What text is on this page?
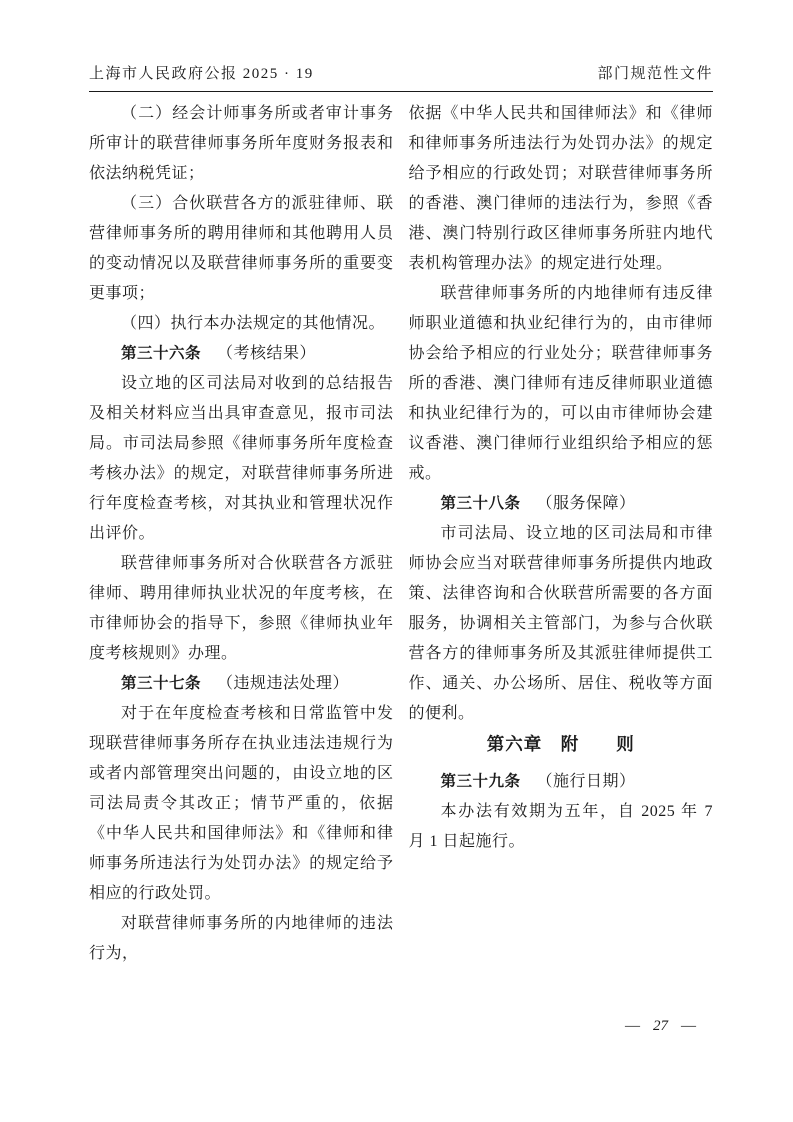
上海市人民政府公报 2025 · 19	部门规范性文件

（二）经会计师事务所或者审计事务所审计的联营律师事务所年度财务报表和依法纳税凭证；

（三）合伙联营各方的派驻律师、联营律师事务所的聘用律师和其他聘用人员的变动情况以及联营律师事务所的重要变更事项；

（四）执行本办法规定的其他情况。

第三十六条 （考核结果）

设立地的区司法局对收到的总结报告及相关材料应当出具审查意见，报市司法局。市司法局参照《律师事务所年度检查考核办法》的规定，对联营律师事务所进行年度检查考核，对其执业和管理状况作出评价。

联营律师事务所对合伙联营各方派驻律师、聘用律师执业状况的年度考核，在市律师协会的指导下，参照《律师执业年度考核规则》办理。

第三十七条 （违规违法处理）

对于在年度检查考核和日常监管中发现联营律师事务所存在执业违法违规行为或者内部管理突出问题的，由设立地的区司法局责令其改正；情节严重的，依据《中华人民共和国律师法》和《律师和律师事务所违法行为处罚办法》的规定给予相应的行政处罚。

对联营律师事务所的内地律师的违法行为，

依据《中华人民共和国律师法》和《律师和律师事务所违法行为处罚办法》的规定给予相应的行政处罚；对联营律师事务所的香港、澳门律师的违法行为，参照《香港、澳门特别行政区律师事务所驻内地代表机构管理办法》的规定进行处理。

联营律师事务所的内地律师有违反律师职业道德和执业纪律行为的，由市律师协会给予相应的行业处分；联营律师事务所的香港、澳门律师有违反律师职业道德和执业纪律行为的，可以由市律师协会建议香港、澳门律师行业组织给予相应的惩戒。

第三十八条 （服务保障）

市司法局、设立地的区司法局和市律师协会应当对联营律师事务所提供内地政策、法律咨询和合伙联营所需要的各方面服务，协调相关主管部门，为参与合伙联营各方的律师事务所及其派驻律师提供工作、通关、办公场所、居住、税收等方面的便利。

第六章　附　　则

第三十九条 （施行日期）

本办法有效期为五年，自 2025 年 7 月 1 日起施行。

— 27 —
